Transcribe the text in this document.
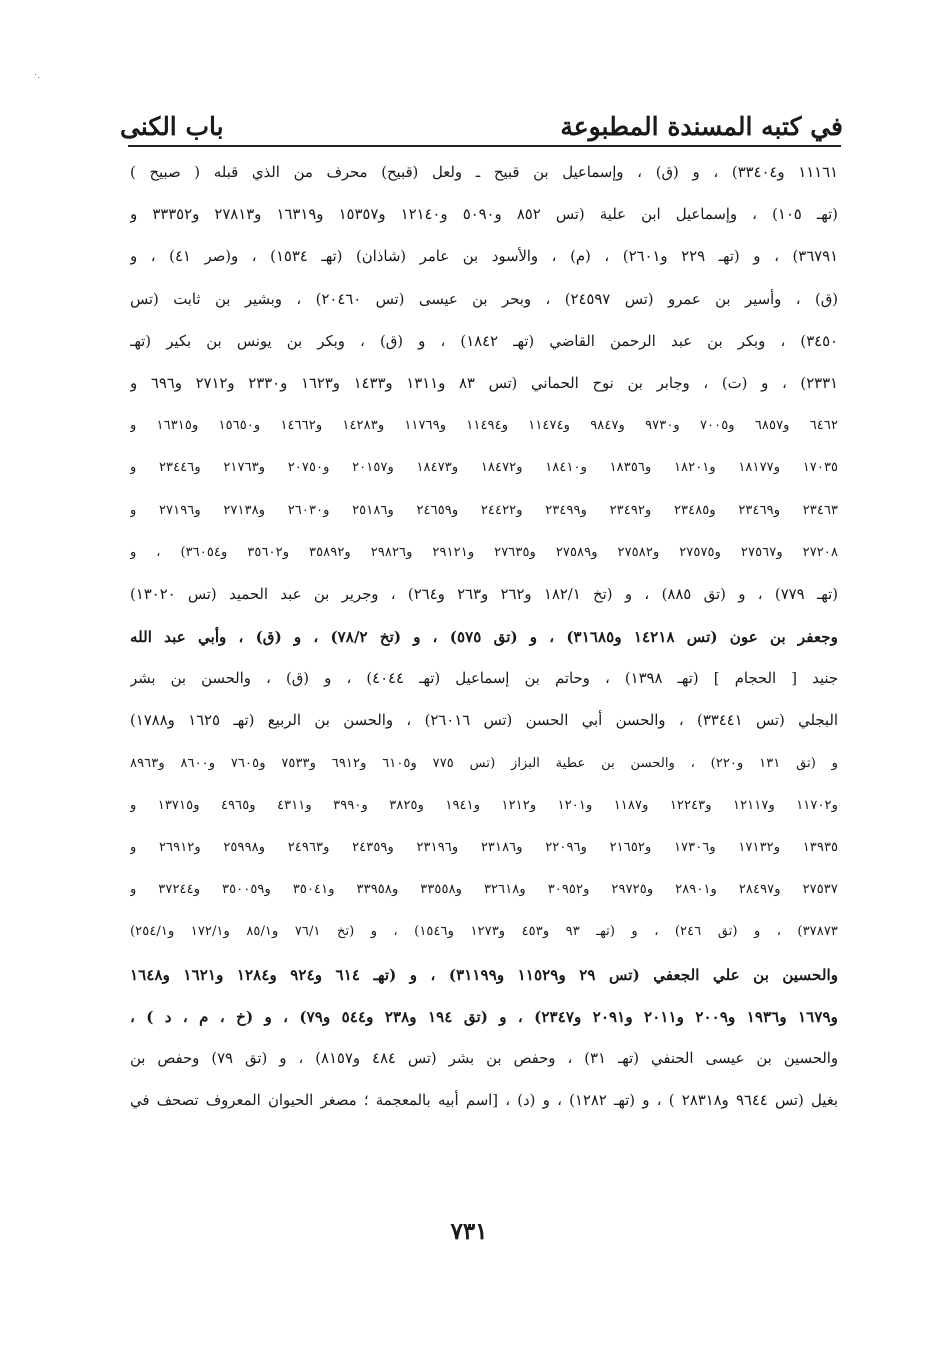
·.
في كتبه المسندة المطبوعة
باب الكنى
١١١٦١ و٣٣٤٠٤) ، و (ق) ، وإسماعيل بن قبيح ـ ولعل (قبيح) محرف من الذي قبله ( صبيح )
(تهـ ١٠٥) ، وإسماعيل ابن علية (تس ٨٥٢ و٥٠٩٠ و١٢١٤٠ و١٥٣٥٧ و١٦٣١٩ و٢٧٨١٣ و٣٣٣٥٢ و
٣٦٧٩١) ، و (تهـ ٢٢٩ و٢٦٠١) ، (م) ، والأسود بن عامر (شاذان) (تهـ ١٥٣٤) ، و(صر ٤١) ، و
(ق) ، وأسير بن عمرو (تس ٢٤٥٩٧) ، وبحر بن عيسى (تس ٢٠٤٦٠) ، وبشير بن ثابت (تس
٣٤٥٠) ، وبكر بن عبد الرحمن القاضي (تهـ ١٨٤٢) ، و (ق) ، وبكر بن يونس بن بكير (تهـ
٢٣٣١) ، و (ت) ، وجابر بن نوح الحماني (تس ٨٣ و١٣١١ و١٤٣٣ و١٦٢٣ و٢٣٣٠ و٢٧١٢ و٦٩٦ و
٦٤٦٢ و٦٨٥٧ و٧٠٠٥ و٩٧٣٠ و٩٨٤٧ و١١٤٧٤ و١١٤٩٤ و١١٧٦٩ و١٤٢٨٣ و١٤٦٦٢ و١٥٦٥٠ و١٦٣١٥ و
١٧٠٣٥ و١٨١٧٧ و١٨٢٠١ و١٨٣٥٦ و١٨٤١٠ و١٨٤٧٢ و١٨٤٧٣ و٢٠١٥٧ و٢٠٧٥٠ و٢١٧٦٣ و٢٣٤٤٦ و
٢٣٤٦٣ و٢٣٤٦٩ و٢٣٤٨٥ و٢٣٤٩٢ و٢٣٤٩٩ و٢٤٤٢٢ و٢٤٦٥٩ و٢٥١٨٦ و٢٦٠٣٠ و٢٧١٣٨ و٢٧١٩٦ و
٢٧٢٠٨ و٢٧٥٦٧ و٢٧٥٧٥ و٢٧٥٨٢ و٢٧٥٨٩ و٢٧٦٣٥ و٢٩١٢١ و٢٩٨٢٦ و٣٥٨٩٢ و٣٥٦٠٢ و٣٦٠٥٤) ، و
(تهـ ٧٧٩) ، و (تق ٨٨٥) ، و (تخ ١٨٢/١ و٢٦٢ و٢٦٣ و٢٦٤) ، وجرير بن عبد الحميد (تس ١٣٠٢٠)
وجعفر بن عون (تس ١٤٢١٨ و٣١٦٨٥) ، و (تق ٥٧٥) ، و (تخ ٧٨/٢) ، و (ق) ، وأبي عبد الله
جنيد [ الحجام ] (تهـ ١٣٩٨) ، وحاتم بن إسماعيل (تهـ ٤٠٤٤) ، و (ق) ، والحسن بن بشر
البجلي (تس ٣٣٤٤١) ، والحسن أبي الحسن (تس ٢٦٠١٦) ، والحسن بن الربيع (تهـ ١٦٢٥ و١٧٨٨)
و (تق ١٣١ و٢٢٠) ، والحسن بن عطية البزاز (تس ٧٧٥ و٦١٠٥ و٦٩١٢ و٧٥٣٣ و٧٦٠٥ و٨٦٠٠ و٨٩٦٣
و١١٧٠٢ و١٢١١٧ و١٢٢٤٣ و١١٨٧ و١٢٠١ و١٢١٢ و١٩٤١ و٣٨٢٥ و٣٩٩٠ و٤٣١١ و٤٩٦٥ و١٣٧١٥ و
١٣٩٣٥ و١٧١٣٢ و١٧٣٠٦ و٢١٦٥٢ و٢٢٠٩٦ و٢٣١٨٦ و٢٣١٩٦ و٢٤٣٥٩ و٢٤٩٦٣ و٢٥٩٩٨ و٢٦٩١٢ و
٢٧٥٣٧ و٢٨٤٩٧ و٢٨٩٠١ و٢٩٧٢٥ و٣٠٩٥٢ و٣٢٦١٨ و٣٣٥٥٨ و٣٣٩٥٨ و٣٥٠٤١ و٣٥٠٠٥٩ و٣٧٢٤٤ و
٣٧٨٧٣) ، و (تق ٢٤٦) ، و (تهـ ٩٣ و٤٥٣ و١٢٧٣ و١٥٤٦) ، و (تخ ٧٦/١ و٨٥/١ و١٧٢/١ و٢٥٤/١)
والحسين بن علي الجعفي (تس ٢٩ و١١٥٢٩ و٣١١٩٩) ، و (تهـ ٦١٤ و٩٢٤ و١٢٨٤ و١٦٢١ و١٦٤٨
و١٦٧٩ و١٩٣٦ و٢٠٠٩ و٢٠١١ و٢٠٩١ و٢٣٤٧) ، و (تق ١٩٤ و٢٣٨ و٥٤٤ و٧٩) ، و (خ ، م ، د ) ،
والحسين بن عيسى الحنفي (تهـ ٣١) ، وحفص بن بشر (تس ٤٨٤ و٨١٥٧) ، و (تق ٧٩) وحفص بن
بغيل (تس ٩٦٤٤ و٢٨٣١٨ ) ، و (تهـ ١٢٨٢) ، و (د) ، [اسم أبيه بالمعجمة ؛ مصغر الحيوان المعروف تصحف في
٧٣١
